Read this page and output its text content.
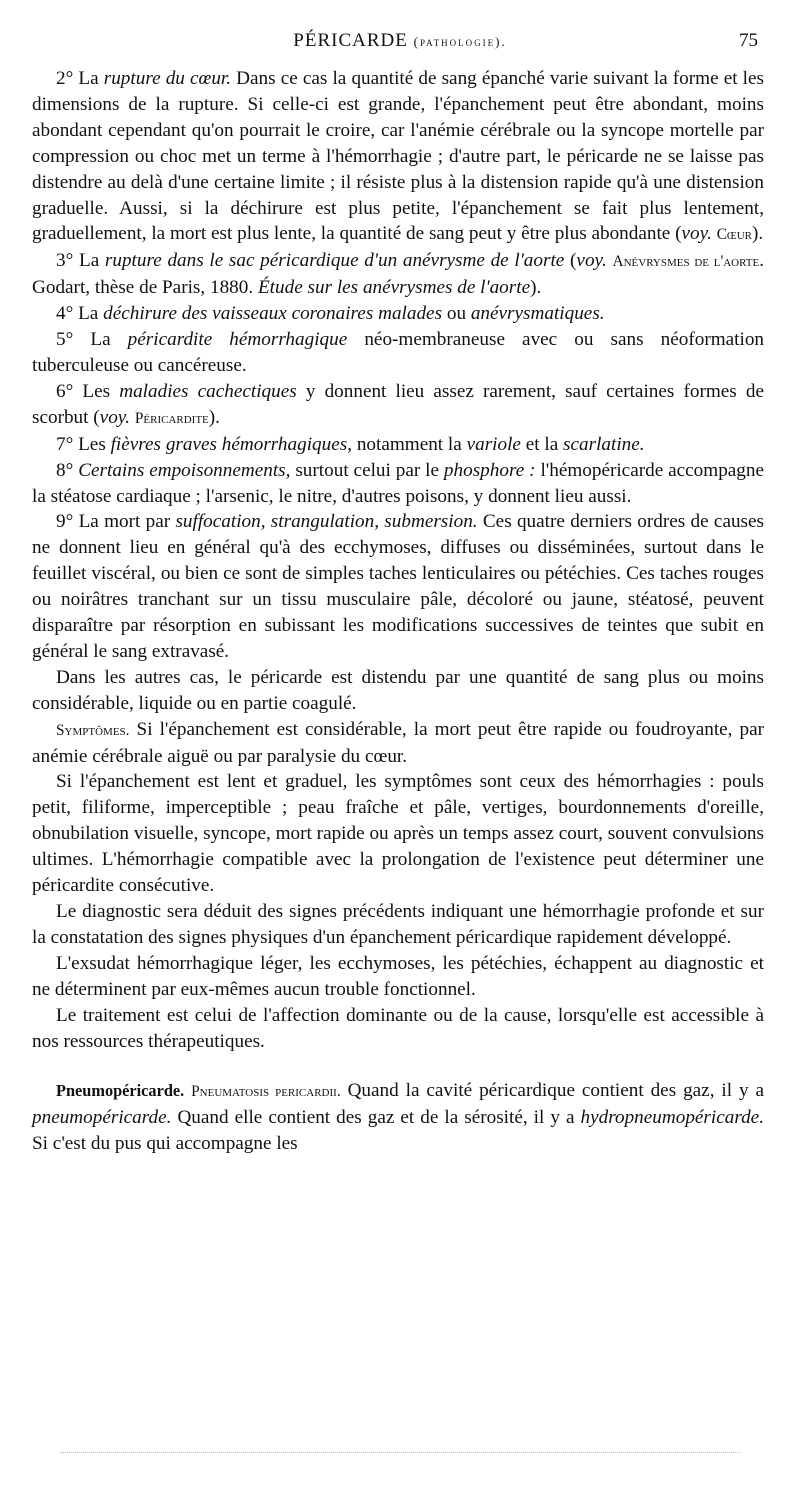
PÉRICARDE (pathologie).	75

2° La rupture du cœur. Dans ce cas la quantité de sang épanché varie suivant la forme et les dimensions de la rupture. Si celle-ci est grande, l'épanchement peut être abondant, moins abondant cependant qu'on pourrait le croire, car l'anémie cérébrale ou la syncope mortelle par compression ou choc met un terme à l'hémorrhagie ; d'autre part, le péricarde ne se laisse pas distendre au delà d'une certaine limite ; il résiste plus à la distension rapide qu'à une distension graduelle. Aussi, si la déchirure est plus petite, l'épanchement se fait plus lentement, graduellement, la mort est plus lente, la quantité de sang peut y être plus abondante (voy. Cœur).

3° La rupture dans le sac péricardique d'un anévrysme de l'aorte (voy. Anévrysmes de l'aorte. Godart, thèse de Paris, 1880. Étude sur les anévrysmes de l'aorte).

4° La déchirure des vaisseaux coronaires malades ou anévrysmatiques.

5° La péricardite hémorrhagique néo-membraneuse avec ou sans néoformation tuberculeuse ou cancéreuse.

6° Les maladies cachectiques y donnent lieu assez rarement, sauf certaines formes de scorbut (voy. Péricardite).

7° Les fièvres graves hémorrhagiques, notamment la variole et la scarlatine.

8° Certains empoisonnements, surtout celui par le phosphore : l'hémopéricarde accompagne la stéatose cardiaque ; l'arsenic, le nitre, d'autres poisons, y donnent lieu aussi.

9° La mort par suffocation, strangulation, submersion. Ces quatre derniers ordres de causes ne donnent lieu en général qu'à des ecchymoses, diffuses ou disséminées, surtout dans le feuillet viscéral, ou bien ce sont de simples taches lenticulaires ou pétéchies. Ces taches rouges ou noirâtres tranchant sur un tissu musculaire pâle, décoloré ou jaune, stéatosé, peuvent disparaître par résorption en subissant les modifications successives de teintes que subit en général le sang extravasé.

Dans les autres cas, le péricarde est distendu par une quantité de sang plus ou moins considérable, liquide ou en partie coagulé.

Symptômes. Si l'épanchement est considérable, la mort peut être rapide ou foudroyante, par anémie cérébrale aiguë ou par paralysie du cœur.

Si l'épanchement est lent et graduel, les symptômes sont ceux des hémorrhagies : pouls petit, filiforme, imperceptible ; peau fraîche et pâle, vertiges, bourdonnements d'oreille, obnubilation visuelle, syncope, mort rapide ou après un temps assez court, souvent convulsions ultimes. L'hémorrhagie compatible avec la prolongation de l'existence peut déterminer une péricardite consécutive.

Le diagnostic sera déduit des signes précédents indiquant une hémorrhagie profonde et sur la constatation des signes physiques d'un épanchement péricardique rapidement développé.

L'exsudat hémorrhagique léger, les ecchymoses, les pétéchies, échappent au diagnostic et ne déterminent par eux-mêmes aucun trouble fonctionnel.

Le traitement est celui de l'affection dominante ou de la cause, lorsqu'elle est accessible à nos ressources thérapeutiques.

Pneumopéricarde. Pneumatosis pericardii. Quand la cavité péricardique contient des gaz, il y a pneumopéricarde. Quand elle contient des gaz et de la sérosité, il y a hydropneumopéricarde. Si c'est du pus qui accompagne les
